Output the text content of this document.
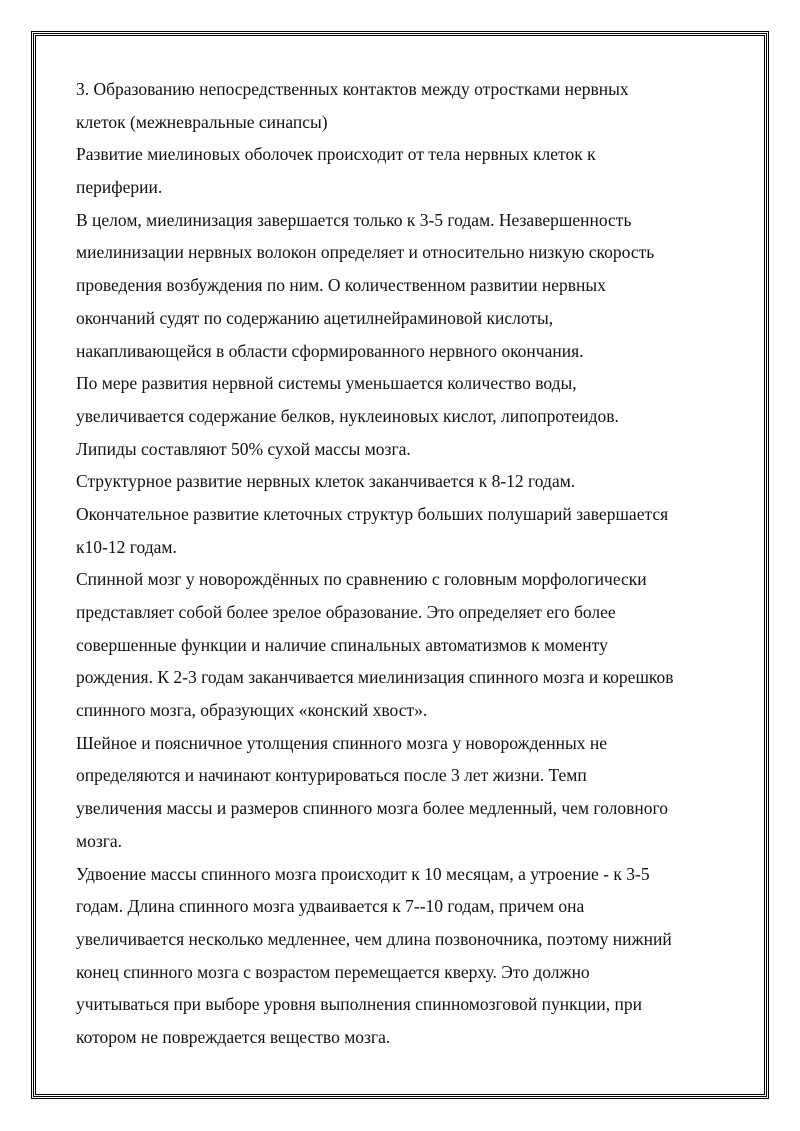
3. Образованию непосредственных контактов между отростками нервных
клеток (межневральные синапсы)
Развитие миелиновых оболочек происходит от тела нервных клеток к
периферии.
В целом, миелинизация завершается только к 3-5 годам. Незавершенность
миелинизации нервных волокон определяет и относительно низкую скорость
проведения возбуждения по ним. О количественном развитии нервных
окончаний судят по содержанию ацетилнейраминовой кислоты,
накапливающейся в области сформированного нервного окончания.
По мере развития нервной системы уменьшается количество воды,
увеличивается содержание белков, нуклеиновых кислот, липопротеидов.
Липиды составляют 50% сухой массы мозга.
Структурное развитие нервных клеток заканчивается к 8-12 годам.
Окончательное развитие клеточных структур больших полушарий завершается
к10-12 годам.
Спинной мозг у новорождённых по сравнению с головным морфологически
представляет собой более зрелое образование. Это определяет его более
совершенные функции и наличие спинальных автоматизмов к моменту
рождения. К 2-3 годам заканчивается миелинизация спинного мозга и корешков
спинного мозга, образующих «конский хвост».
Шейное и поясничное утолщения спинного мозга у новорожденных не
определяются и начинают контурироваться после 3 лет жизни. Темп
увеличения массы и размеров спинного мозга более медленный, чем головного
мозга.
Удвоение массы спинного мозга происходит к 10 месяцам, а утроение - к 3-5
годам. Длина спинного мозга удваивается к 7--10 годам, причем она
увеличивается несколько медленнее, чем длина позвоночника, поэтому нижний
конец спинного мозга с возрастом перемещается кверху. Это должно
учитываться при выборе уровня выполнения спинномозговой пункции, при
котором не повреждается вещество мозга.
